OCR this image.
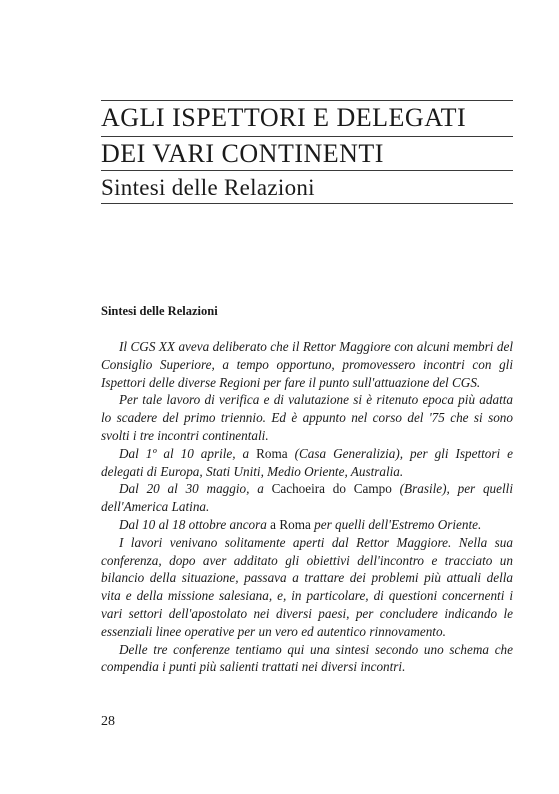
AGLI ISPETTORI E DELEGATI
DEI VARI CONTINENTI
Sintesi delle Relazioni
Sintesi delle Relazioni

Il CGS XX aveva deliberato che il Rettor Maggiore con alcuni membri del Consiglio Superiore, a tempo opportuno, promovessero incontri con gli Ispettori delle diverse Regioni per fare il punto sull'attuazione del CGS.

Per tale lavoro di verifica e di valutazione si è ritenuto epoca più adatta lo scadere del primo triennio. Ed è appunto nel corso del '75 che si sono svolti i tre incontri continentali.

Dal 1º al 10 aprile, a Roma (Casa Generalizia), per gli Ispettori e delegati di Europa, Stati Uniti, Medio Oriente, Australia.

Dal 20 al 30 maggio, a Cachoeira do Campo (Brasile), per quelli dell'America Latina.

Dal 10 al 18 ottobre ancora a Roma per quelli dell'Estremo Oriente.

I lavori venivano solitamente aperti dal Rettor Maggiore. Nella sua conferenza, dopo aver additato gli obiettivi dell'incontro e tracciato un bilancio della situazione, passava a trattare dei problemi più attuali della vita e della missione salesiana, e, in particolare, di questioni concernenti i vari settori dell'apostolato nei diversi paesi, per concludere indicando le essenziali linee operative per un vero ed autentico rinnovamento.

Delle tre conferenze tentiamo qui una sintesi secondo uno schema che compendia i punti più salienti trattati nei diversi incontri.

28
